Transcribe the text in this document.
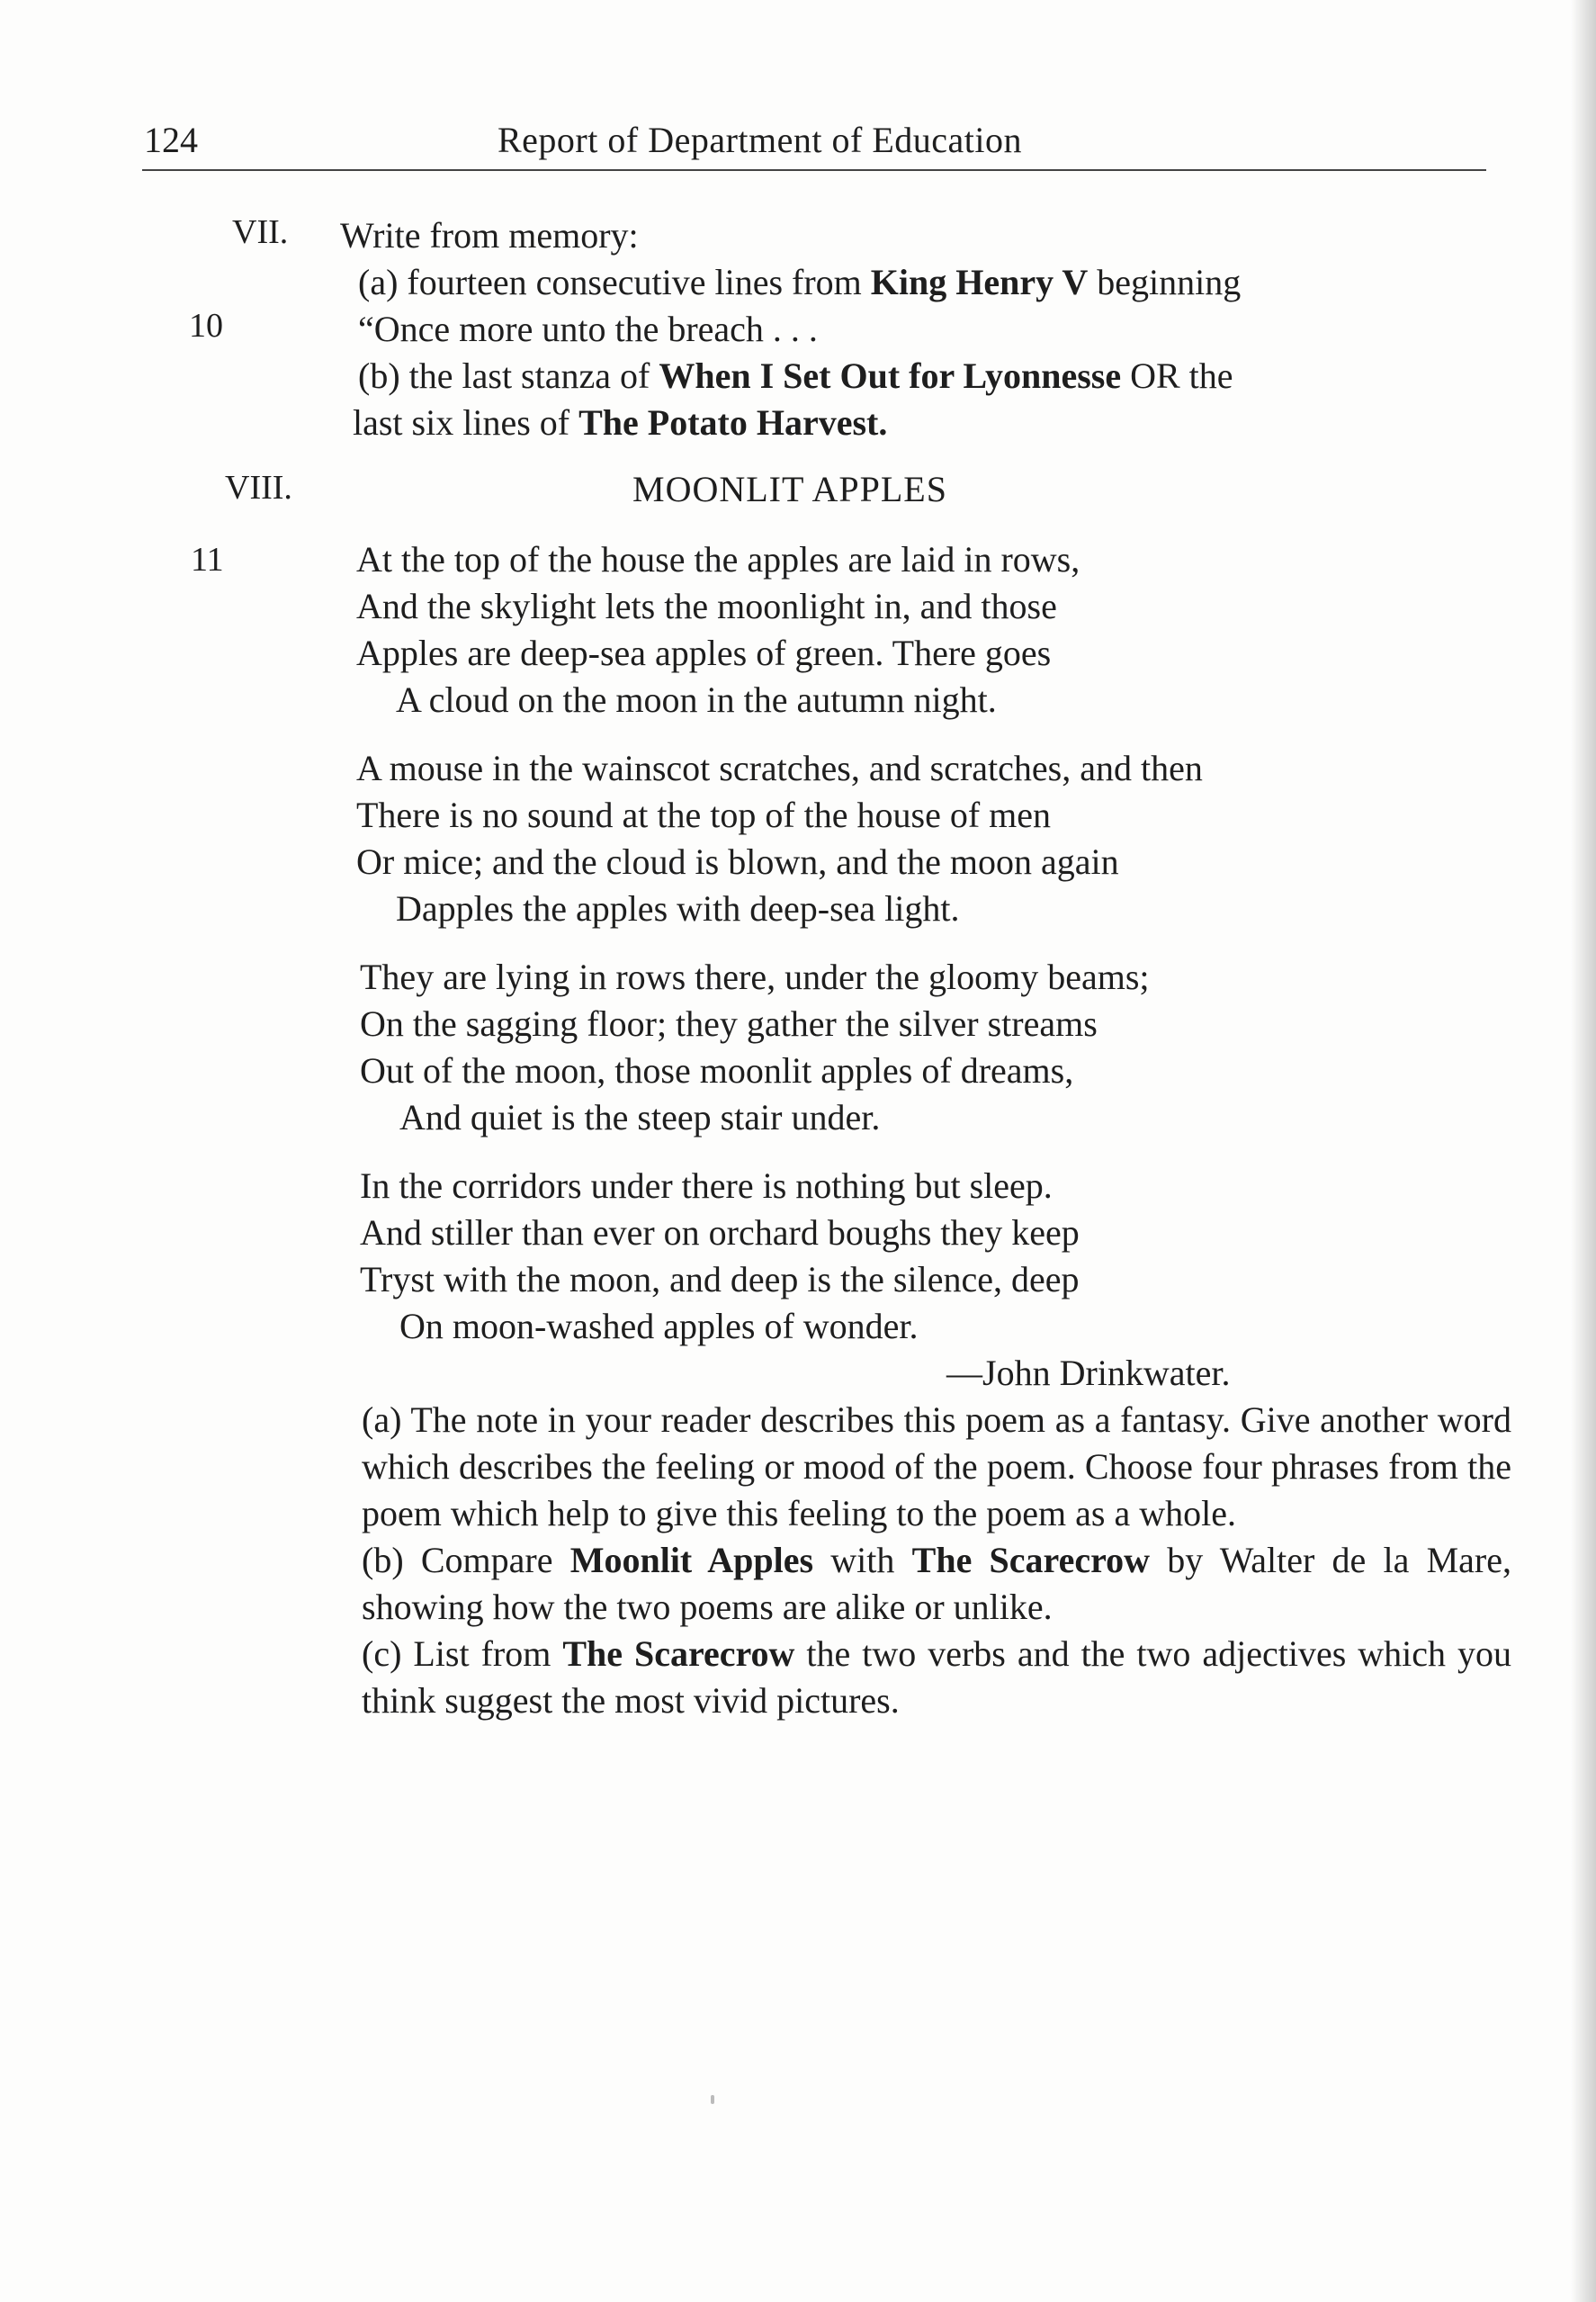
124	Report of Department of Education
VII.
10
Write from memory:
(a) fourteen consecutive lines from King Henry V beginning
“Once more unto the breach . . .
(b) the last stanza of When I Set Out for Lyonnesse OR the
last six lines of The Potato Harvest.
VIII.	MOONLIT APPLES
11	At the top of the house the apples are laid in rows,
And the skylight lets the moonlight in, and those
Apples are deep-sea apples of green. There goes
A cloud on the moon in the autumn night.
A mouse in the wainscot scratches, and scratches, and then
There is no sound at the top of the house of men
Or mice; and the cloud is blown, and the moon again
Dapples the apples with deep-sea light.
They are lying in rows there, under the gloomy beams;
On the sagging floor; they gather the silver streams
Out of the moon, those moonlit apples of dreams,
And quiet is the steep stair under.
In the corridors under there is nothing but sleep.
And stiller than ever on orchard boughs they keep
Tryst with the moon, and deep is the silence, deep
On moon-washed apples of wonder.
—John Drinkwater.

(a) The note in your reader describes this poem as a fantasy. Give another word which describes the feeling or mood of the poem. Choose four phrases from the poem which help to give this feeling to the poem as a whole.

(b) Compare Moonlit Apples with The Scarecrow by Walter de la Mare, showing how the two poems are alike or unlike.

(c) List from The Scarecrow the two verbs and the two adjectives which you think suggest the most vivid pictures.
